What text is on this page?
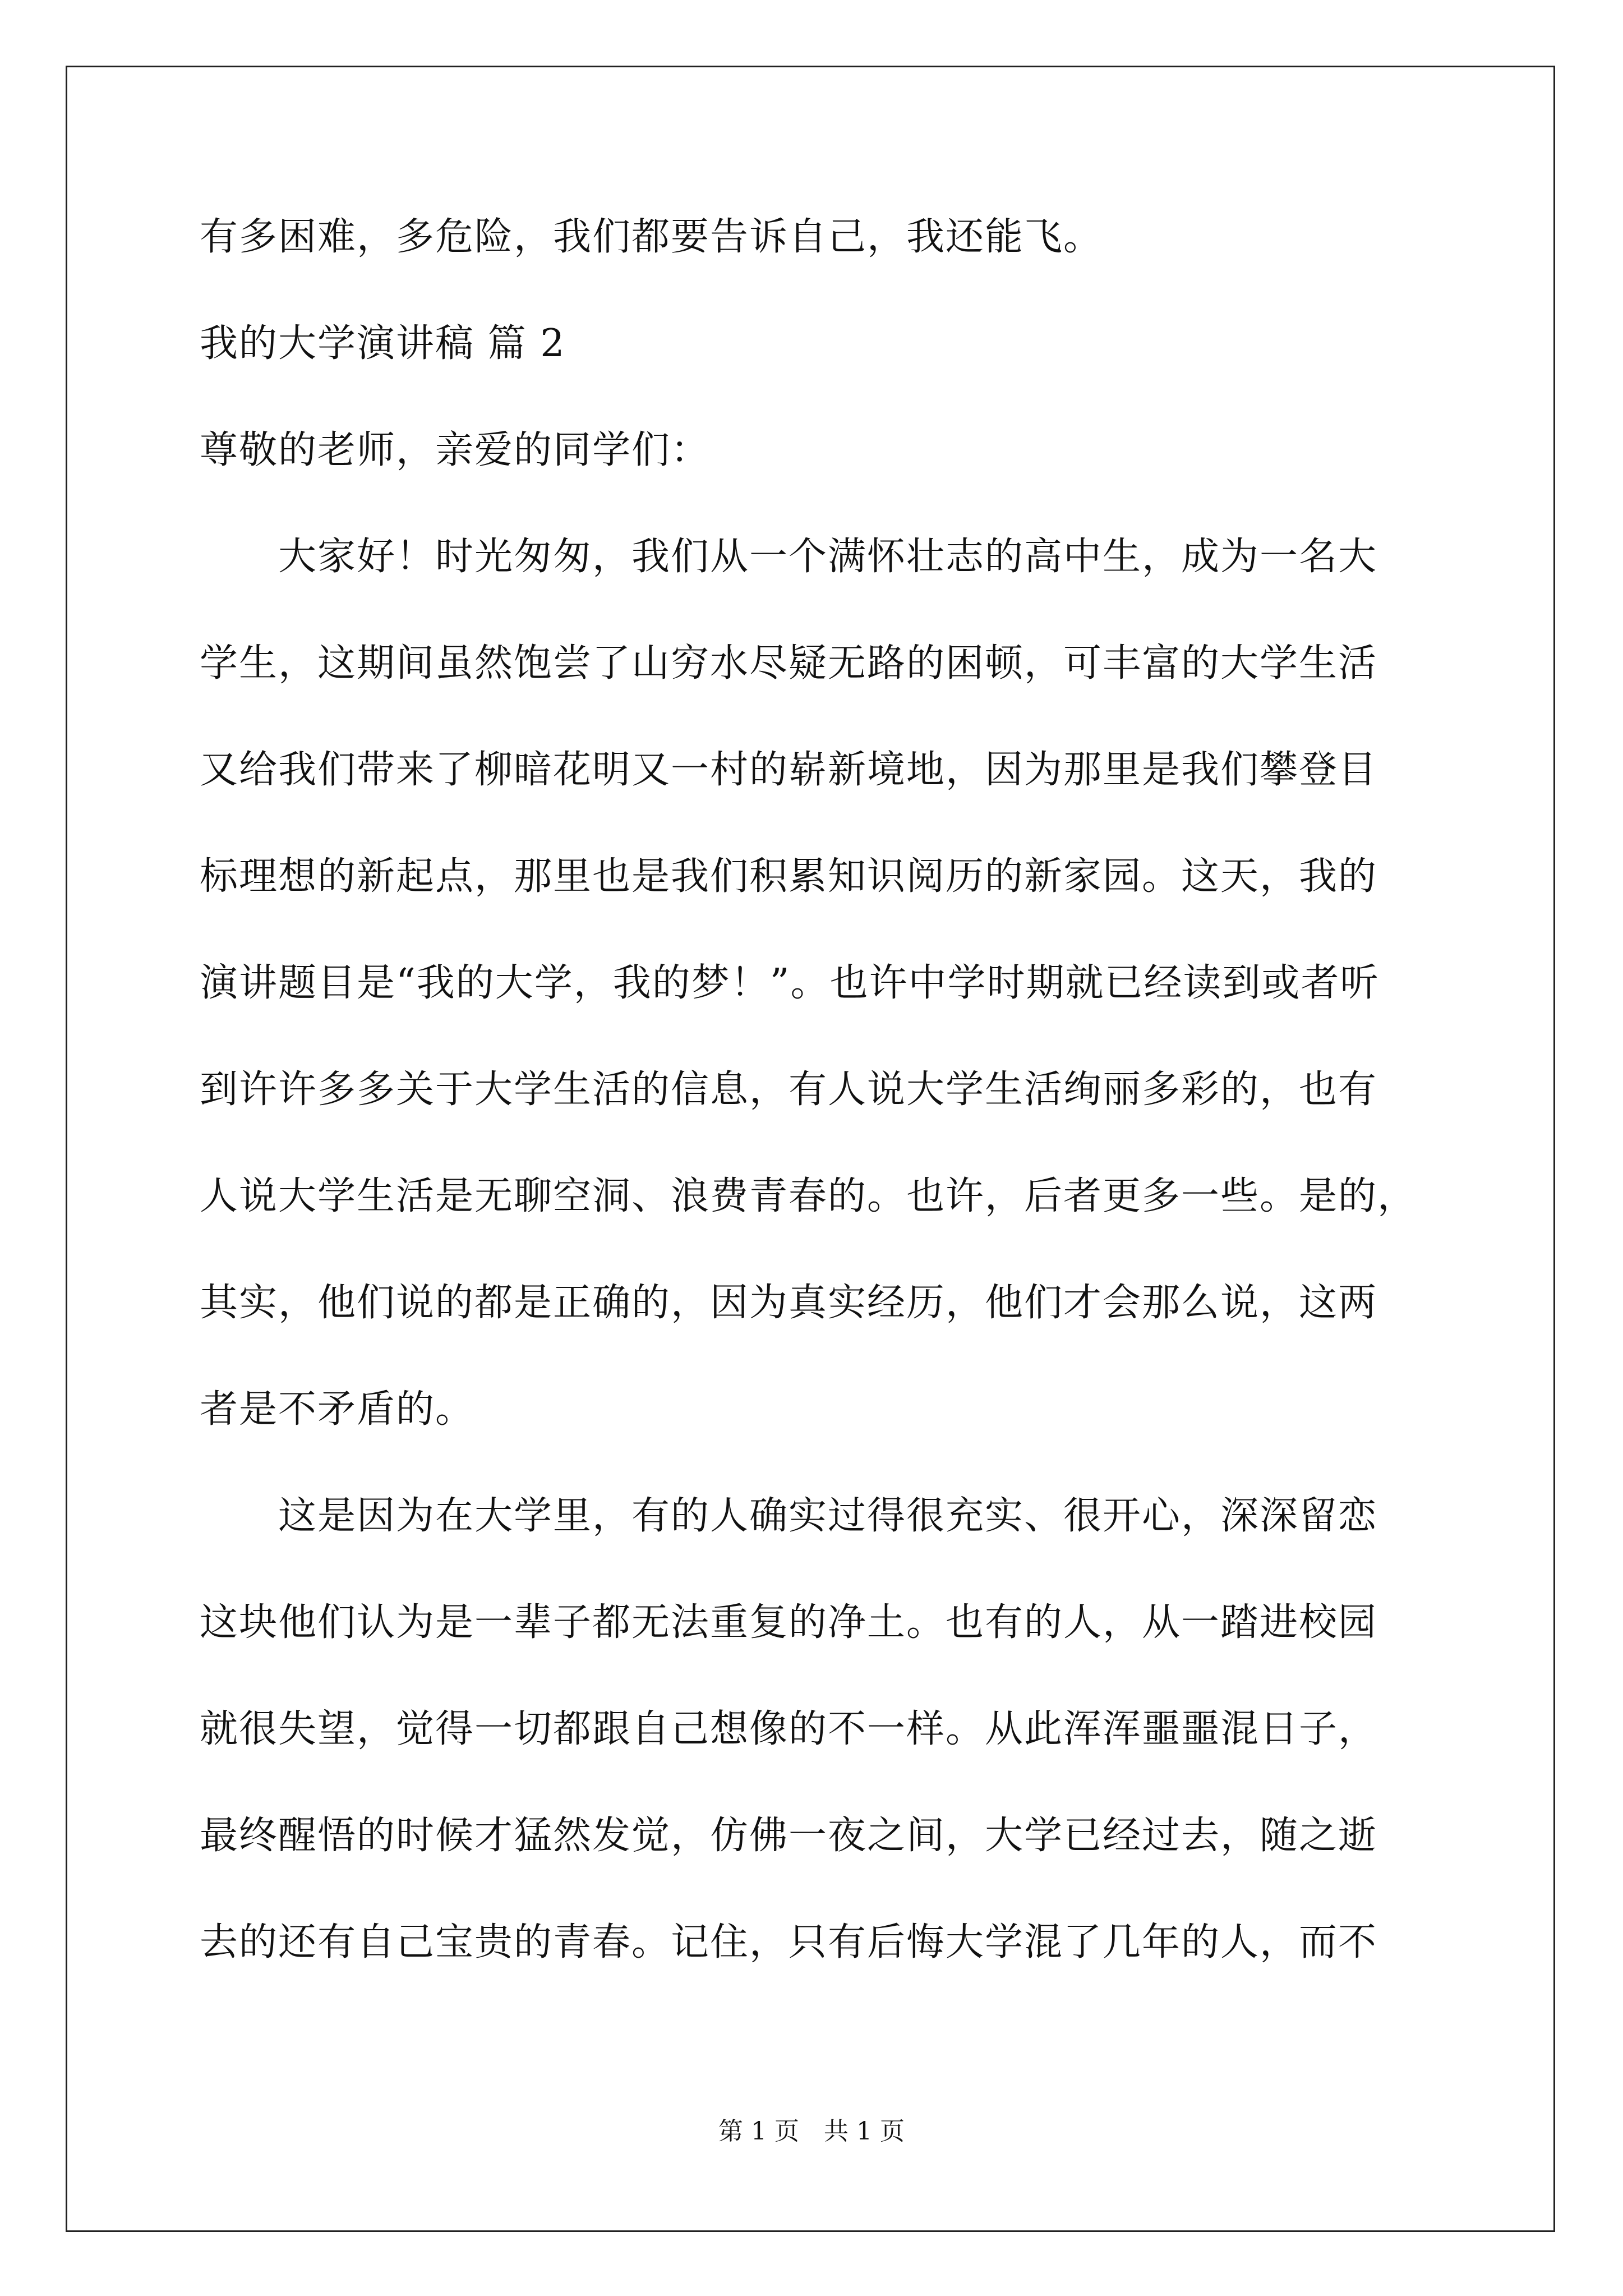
有多困难，多危险，我们都要告诉自己，我还能飞。

我的大学演讲稿 篇 2

尊敬的老师，亲爱的同学们：

　　大家好！时光匆匆，我们从一个满怀壮志的高中生，成为一名大

学生，这期间虽然饱尝了山穷水尽疑无路的困顿，可丰富的大学生活

又给我们带来了柳暗花明又一村的崭新境地，因为那里是我们攀登目

标理想的新起点，那里也是我们积累知识阅历的新家园。这天，我的

演讲题目是“我的大学，我的梦！”。也许中学时期就已经读到或者听

到许许多多关于大学生活的信息，有人说大学生活绚丽多彩的，也有

人说大学生活是无聊空洞、浪费青春的。也许，后者更多一些。是的，

其实，他们说的都是正确的，因为真实经历，他们才会那么说，这两

者是不矛盾的。

　　这是因为在大学里，有的人确实过得很充实、很开心，深深留恋

这块他们认为是一辈子都无法重复的净土。也有的人，从一踏进校园

就很失望，觉得一切都跟自己想像的不一样。从此浑浑噩噩混日子，

最终醒悟的时候才猛然发觉，仿佛一夜之间，大学已经过去，随之逝

去的还有自己宝贵的青春。记住，只有后悔大学混了几年的人，而不

第 1 页　共 1 页
